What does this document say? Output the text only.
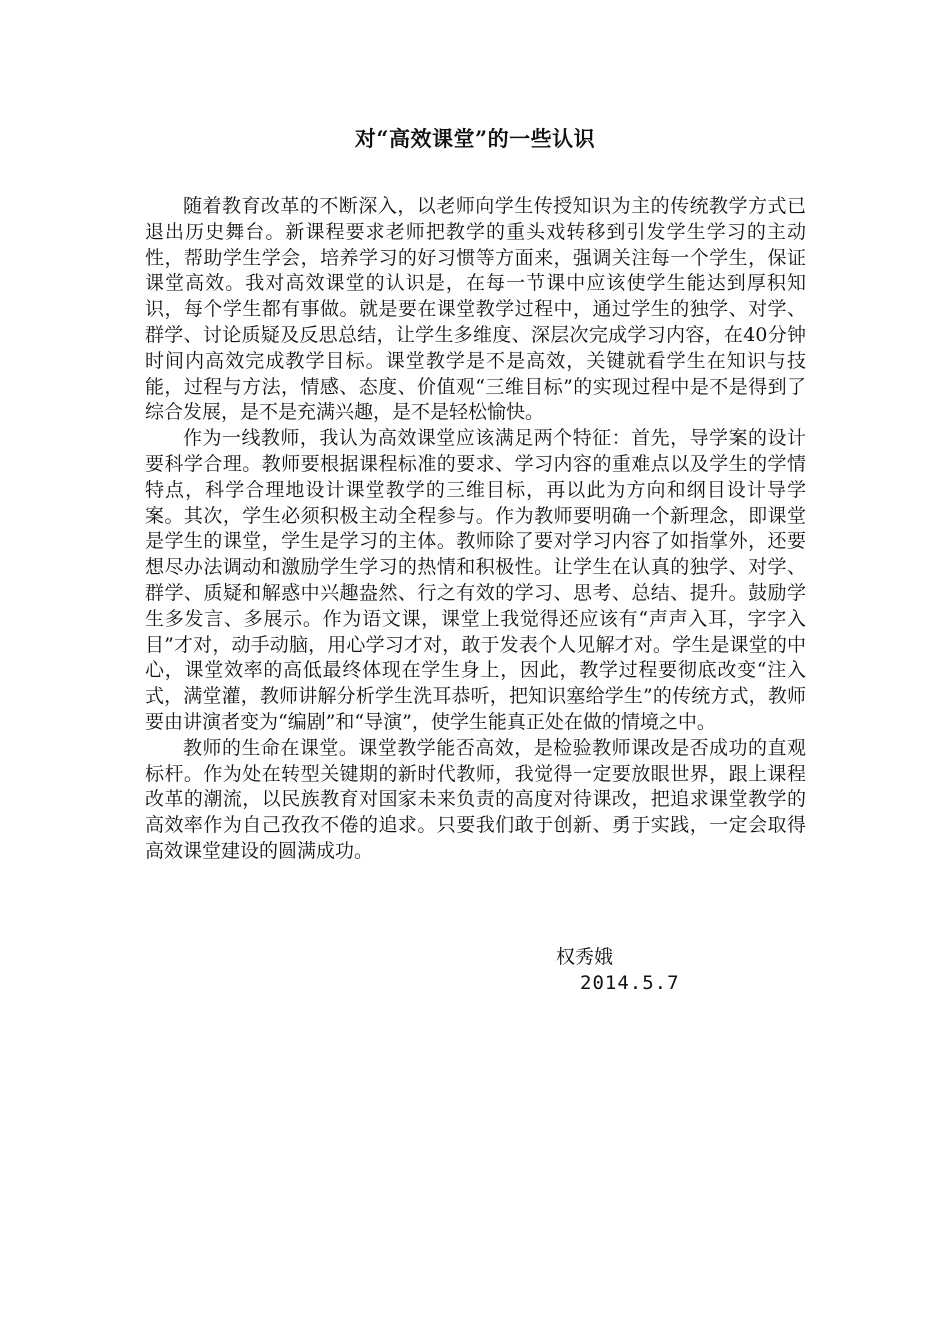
对“高效课堂”的一些认识

随着教育改革的不断深入，以老师向学生传授知识为主的传统教学方式已退出历史舞台。新课程要求老师把教学的重头戏转移到引发学生学习的主动性，帮助学生学会，培养学习的好习惯等方面来，强调关注每一个学生，保证课堂高效。我对高效课堂的认识是，在每一节课中应该使学生能达到厚积知识，每个学生都有事做。就是要在课堂教学过程中，通过学生的独学、对学、群学、讨论质疑及反思总结，让学生多维度、深层次完成学习内容，在40分钟时间内高效完成教学目标。课堂教学是不是高效，关键就看学生在知识与技能，过程与方法，情感、态度、价值观“三维目标”的实现过程中是不是得到了综合发展，是不是充满兴趣，是不是轻松愉快。

作为一线教师，我认为高效课堂应该满足两个特征：首先，导学案的设计要科学合理。教师要根据课程标准的要求、学习内容的重难点以及学生的学情特点，科学合理地设计课堂教学的三维目标，再以此为方向和纲目设计导学案。其次，学生必须积极主动全程参与。作为教师要明确一个新理念，即课堂是学生的课堂，学生是学习的主体。教师除了要对学习内容了如指掌外，还要想尽办法调动和激励学生学习的热情和积极性。让学生在认真的独学、对学、群学、质疑和解惑中兴趣盎然、行之有效的学习、思考、总结、提升。鼓励学生多发言、多展示。作为语文课，课堂上我觉得还应该有“声声入耳，字字入目”才对，动手动脑，用心学习才对，敢于发表个人见解才对。学生是课堂的中心，课堂效率的高低最终体现在学生身上，因此，教学过程要彻底改变“注入式，满堂灌，教师讲解分析学生洗耳恭听，把知识塞给学生”的传统方式，教师要由讲演者变为“编剧”和“导演”，使学生能真正处在做的情境之中。

教师的生命在课堂。课堂教学能否高效，是检验教师课改是否成功的直观标杆。作为处在转型关键期的新时代教师，我觉得一定要放眼世界，跟上课程改革的潮流，以民族教育对国家未来负责的高度对待课改，把追求课堂教学的高效率作为自己孜孜不倦的追求。只要我们敢于创新、勇于实践，一定会取得高效课堂建设的圆满成功。

权秀娥

2014.5.7
